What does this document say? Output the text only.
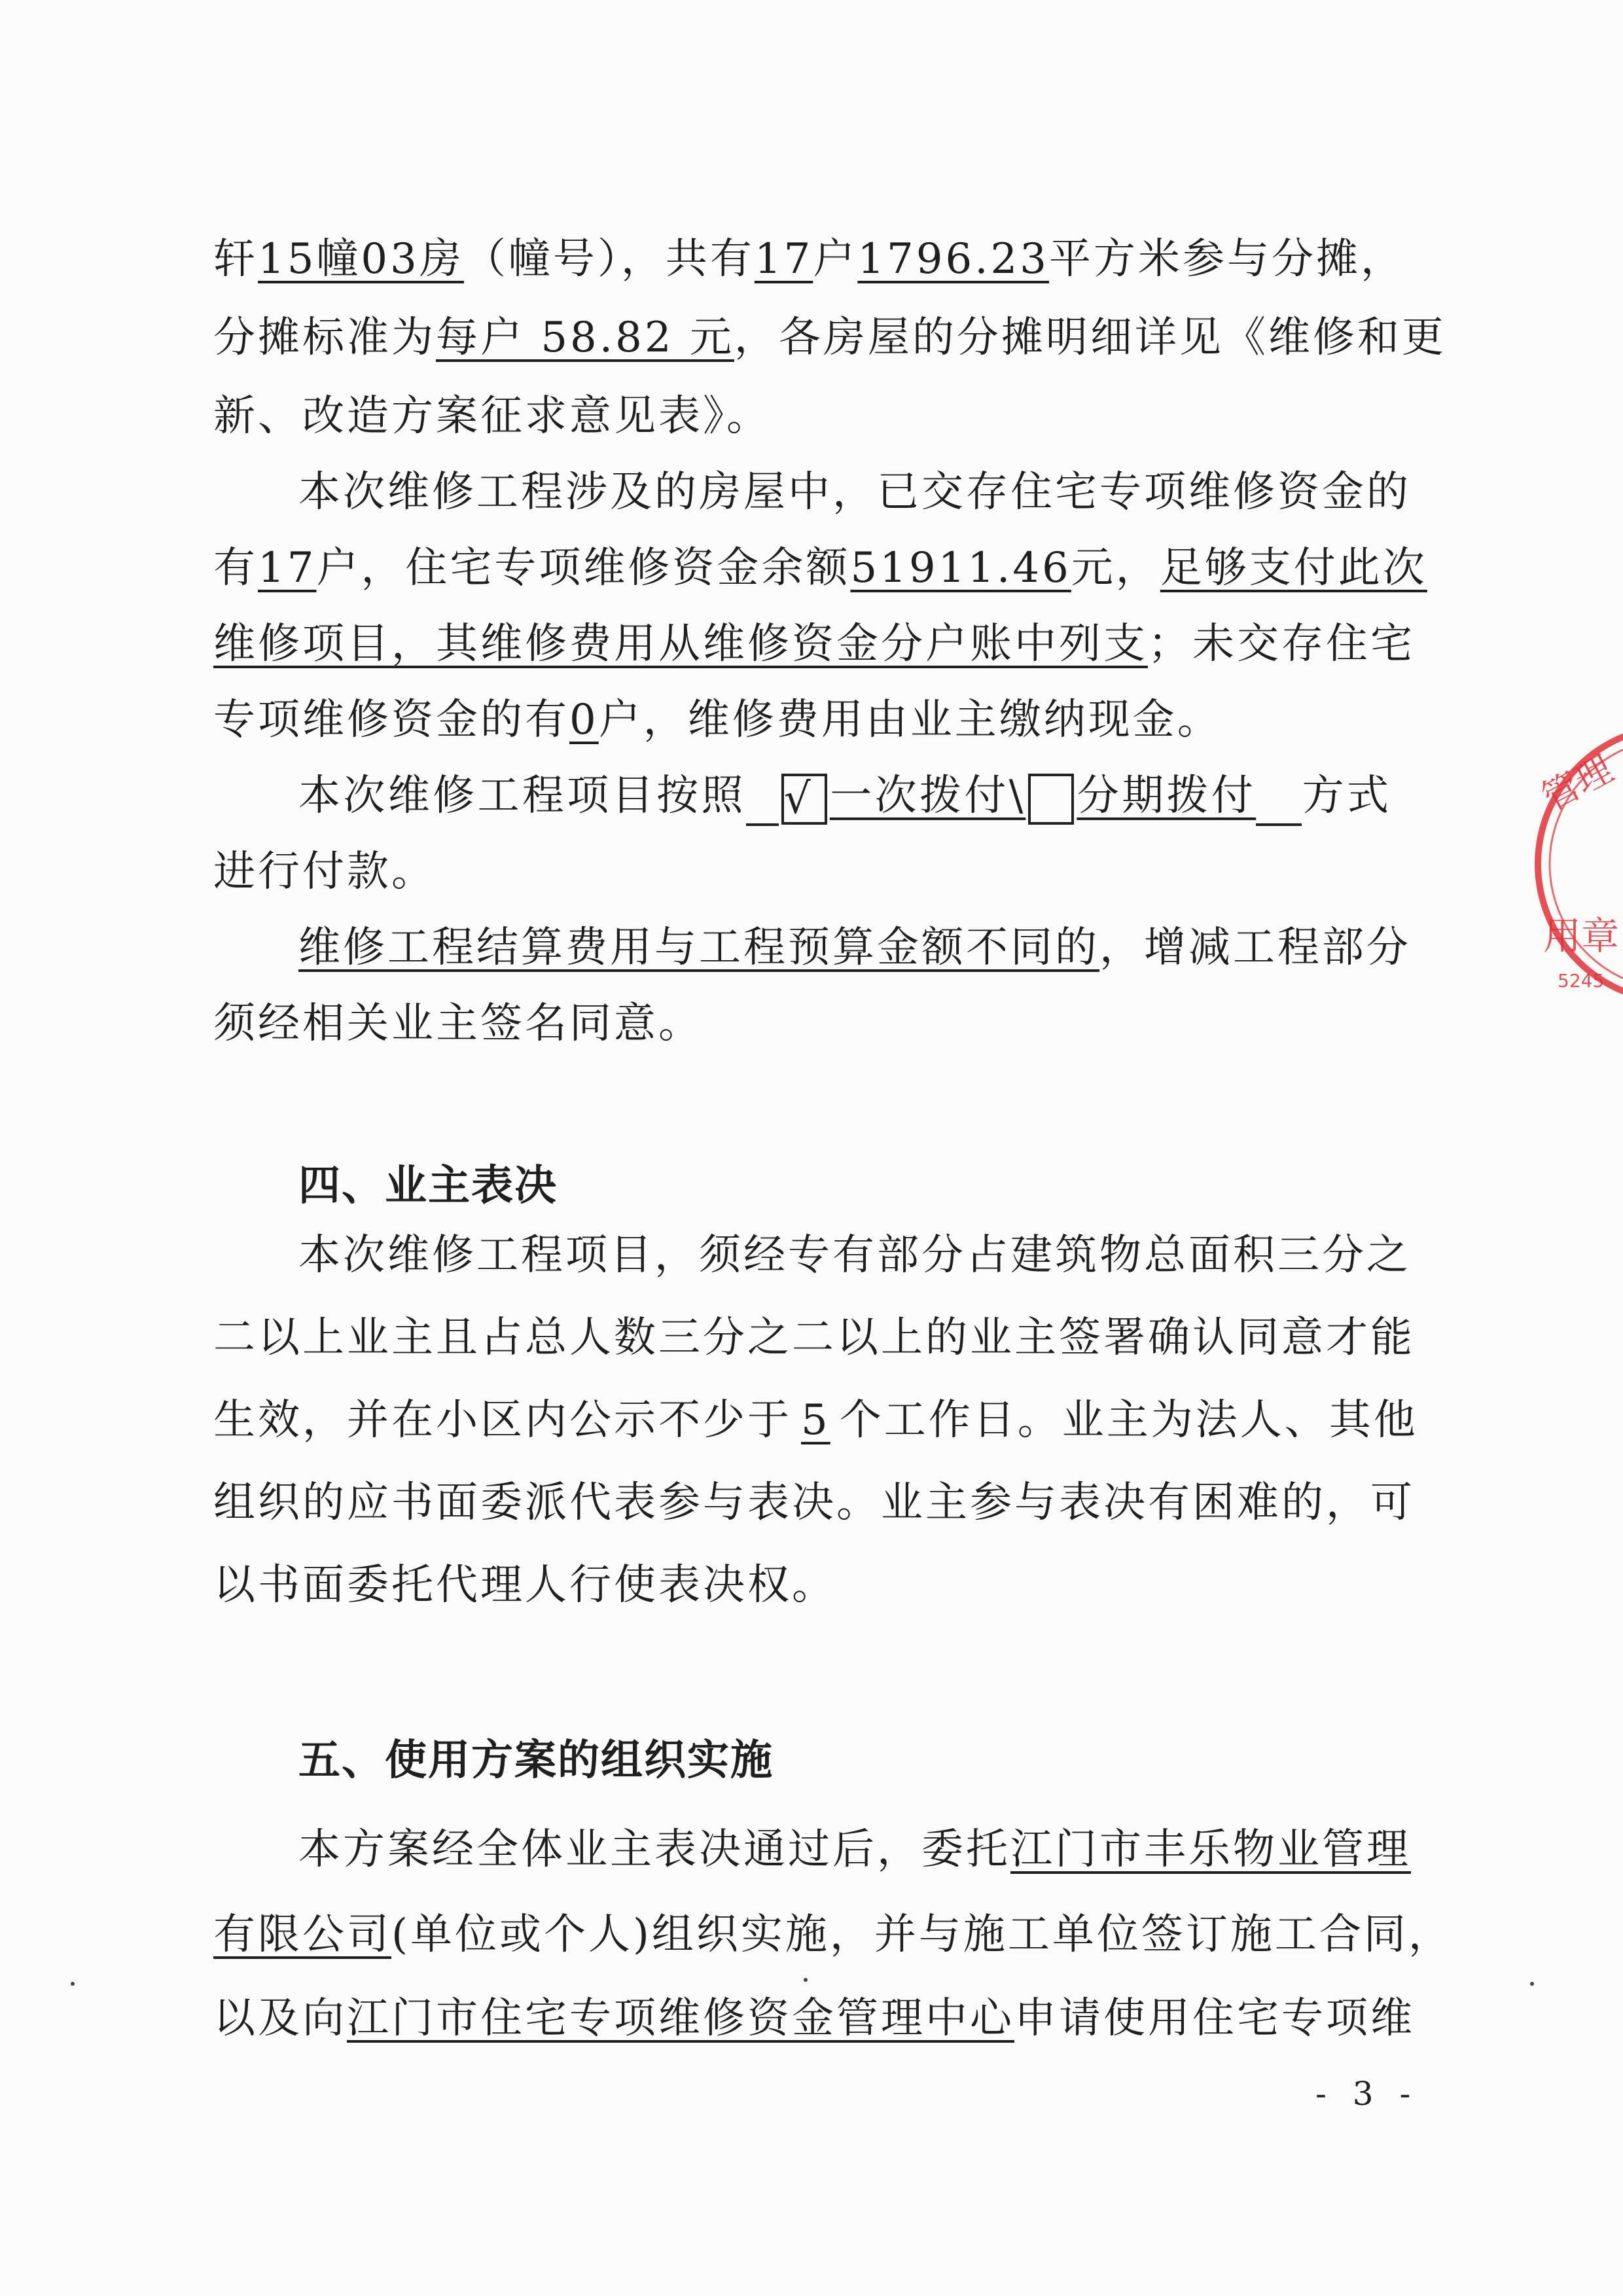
轩15幢03房（幢号），共有17户1796.23平方米参与分摊，
分摊标准为每户 58.82 元，各房屋的分摊明细详见《维修和更
新、改造方案征求意见表》。
本次维修工程涉及的房屋中，已交存住宅专项维修资金的
有17户，住宅专项维修资金余额51911.46元，足够支付此次
维修项目，其维修费用从维修资金分户账中列支；未交存住宅
专项维修资金的有0户，维修费用由业主缴纳现金。
本次维修工程项目按照 √ 一次拨付\ 分期拨付 方式
进行付款。
维修工程结算费用与工程预算金额不同的，增减工程部分
须经相关业主签名同意。
四、业主表决
本次维修工程项目，须经专有部分占建筑物总面积三分之
二以上业主且占总人数三分之二以上的业主签署确认同意才能
生效，并在小区内公示不少于 5 个工作日。业主为法人、其他
组织的应书面委派代表参与表决。业主参与表决有困难的，可
以书面委托代理人行使表决权。
五、使用方案的组织实施
本方案经全体业主表决通过后，委托江门市丰乐物业管理
有限公司(单位或个人)组织实施，并与施工单位签订施工合同，
以及向江门市住宅专项维修资金管理中心申请使用住宅专项维
管理
用章
5245
- 3 -
